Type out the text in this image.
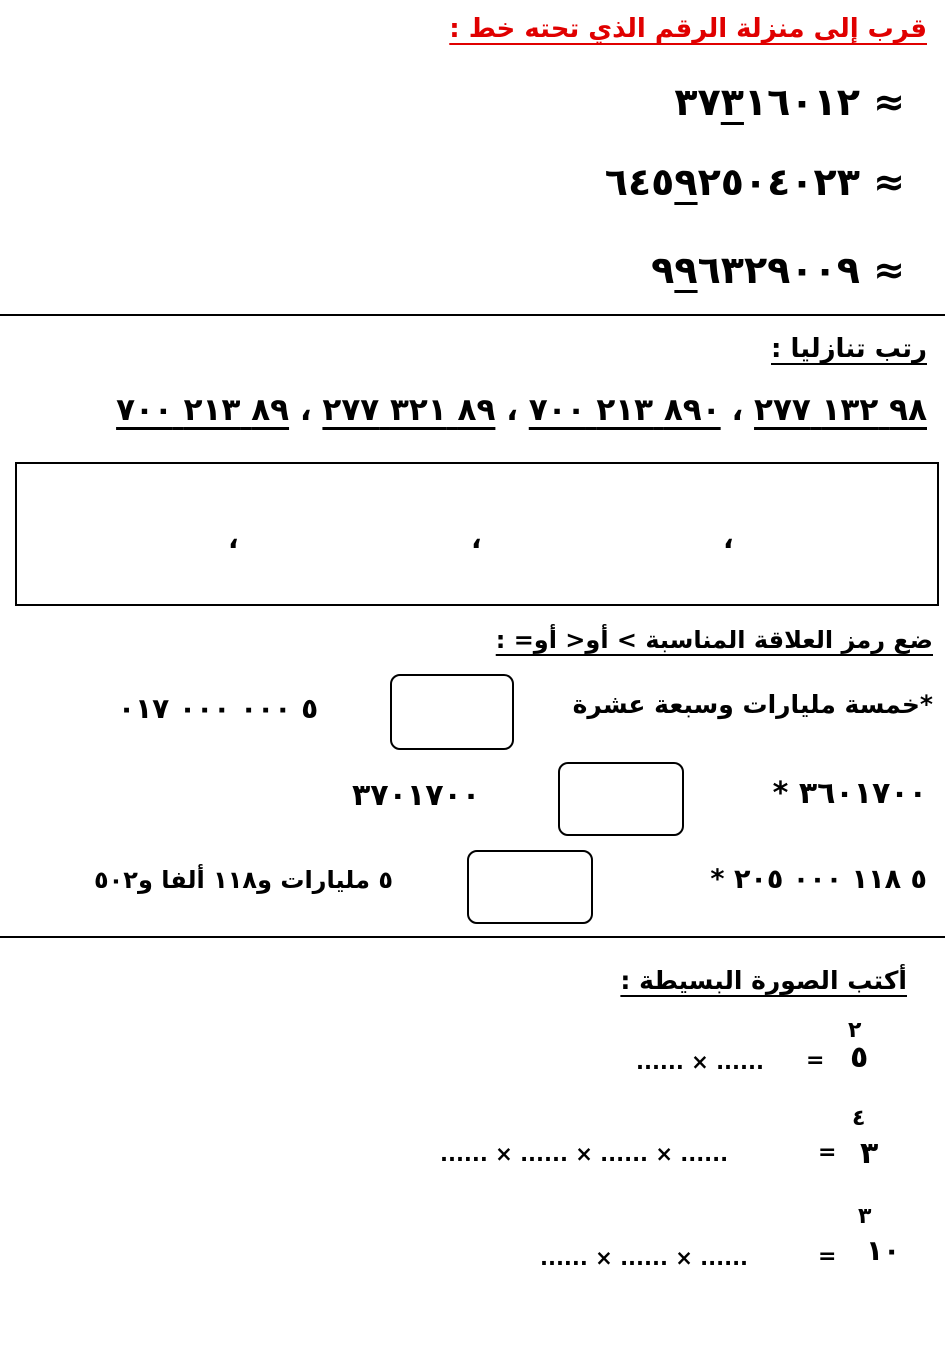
قرب إلى منزلة الرقم الذي تحته خط :
٣٧٣١٦٠١٢ ≈
٦٤٥٩٢٥٠٤٠٢٣ ≈
٩٩٦٣٢٩٠٠٩ ≈
رتب تنازليا :
٩٨ ١٣٢ ٢٧٧ ، ٨٩٠ ٢١٣ ٧٠٠ ، ٨٩ ٣٢١ ٢٧٧ ، ٨٩ ٢١٣ ٧٠٠
،
،
،
ضع رمز العلاقة المناسبة > أو< أو= :
*خمسة مليارات وسبعة عشرة
٥ ٠٠٠ ٠٠٠ ٠١٧
* ٣٦٠١٧٠٠
٣٧٠١٧٠٠
* ٥ ١١٨ ٠٠٠ ٢٠٥
٥ مليارات و١١٨ ألفا و٥٠٢
أكتب الصورة البسيطة :
٥
٢
=
...... × ......
٣
٤
=
...... × ...... × ...... × ......
١٠
٣
=
...... × ...... × ......
